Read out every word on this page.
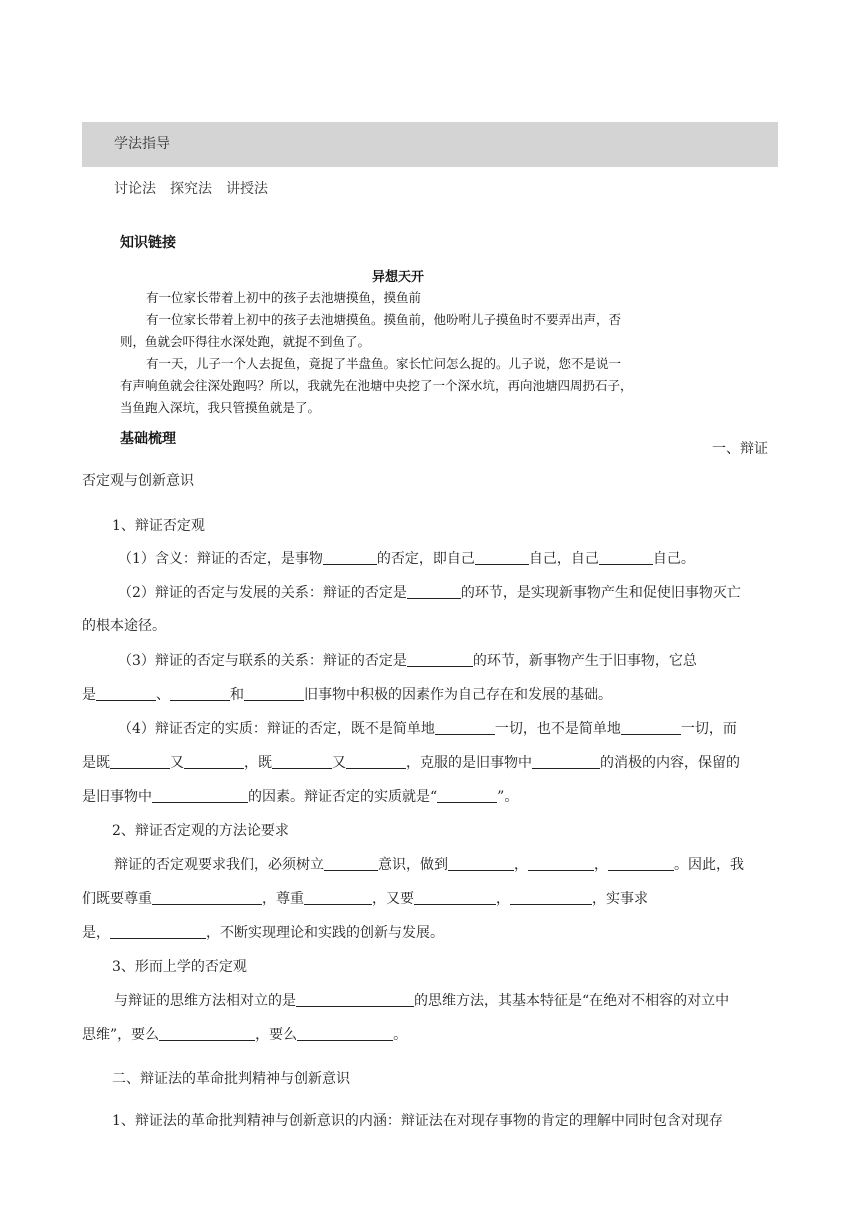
学法指导
讨论法　探究法　讲授法
知识链接
异想天开
有一位家长带着上初中的孩子去池塘摸鱼，摸鱼前
有一位家长带着上初中的孩子去池塘摸鱼。摸鱼前，他吩咐儿子摸鱼时不要弄出声，否
则，鱼就会吓得往水深处跑，就捉不到鱼了。
有一天，儿子一个人去捉鱼，竟捉了半盘鱼。家长忙问怎么捉的。儿子说，您不是说一
有声响鱼就会往深处跑吗？所以，我就先在池塘中央挖了一个深水坑，再向池塘四周扔石子，
当鱼跑入深坑，我只管摸鱼就是了。
基础梳理
一、辩证
否定观与创新意识
1、辩证否定观
（1）含义：辩证的否定，是事物	的否定，即自己	自己，自己	自己。
（2）辩证的否定与发展的关系：辩证的否定是	的环节，是实现新事物产生和促使旧事物灭亡
的根本途径。
（3）辩证的否定与联系的关系：辩证的否定是	的环节，新事物产生于旧事物，它总
是	、	和	旧事物中积极的因素作为自己存在和发展的基础。
（4）辩证否定的实质：辩证的否定，既不是简单地	一切，也不是简单地	一切，而
是既	又	，既	又	，克服的是旧事物中	的消极的内容，保留的
是旧事物中	的因素。辩证否定的实质就是“	”。
2、辩证否定观的方法论要求
辩证的否定观要求我们，必须树立	意识，做到	，	，	。因此，我
们既要尊重	，尊重	，又要	，	，实事求
是，	，不断实现理论和实践的创新与发展。
3、形而上学的否定观
与辩证的思维方法相对立的是	的思维方法，其基本特征是“在绝对不相容的对立中
思维”，要么	，要么	。
二、辩证法的革命批判精神与创新意识
1、辩证法的革命批判精神与创新意识的内涵：辩证法在对现存事物的肯定的理解中同时包含对现存
